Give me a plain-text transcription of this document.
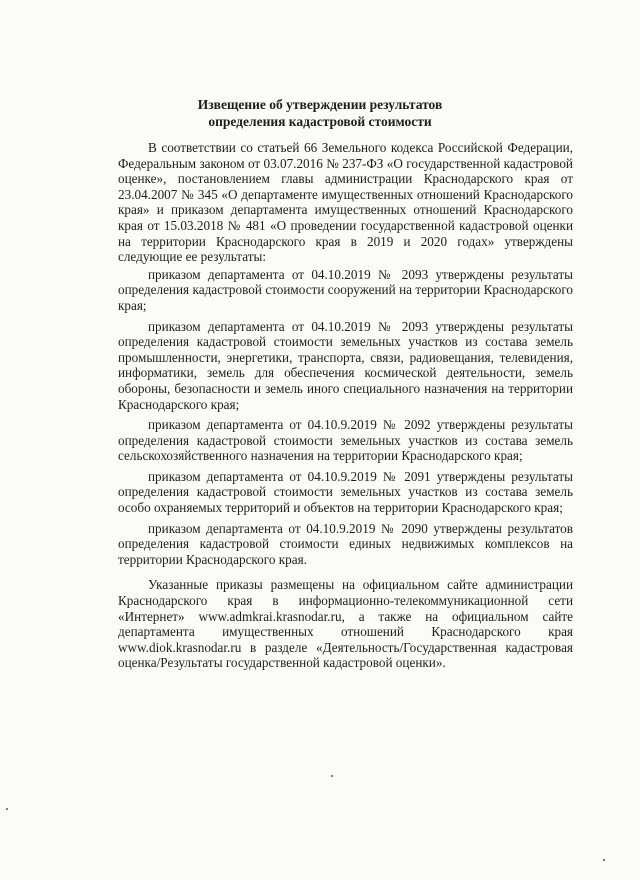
Извещение об утверждении результатов
определения кадастровой стоимости

В соответствии со статьей 66 Земельного кодекса Российской Федерации, Федеральным законом от 03.07.2016 № 237-ФЗ «О государственной кадастровой оценке», постановлением главы администрации Краснодарского края от 23.04.2007 № 345 «О департаменте имущественных отношений Краснодарского края» и приказом департамента имущественных отношений Краснодарского края от 15.03.2018 № 481 «О проведении государственной кадастровой оценки на территории Краснодарского края в 2019 и 2020 годах» утверждены следующие ее результаты:

приказом департамента от 04.10.2019 № 2093 утверждены результаты определения кадастровой стоимости сооружений на территории Краснодарского края;

приказом департамента от 04.10.2019 № 2093 утверждены результаты определения кадастровой стоимости земельных участков из состава земель промышленности, энергетики, транспорта, связи, радиовещания, телевидения, информатики, земель для обеспечения космической деятельности, земель обороны, безопасности и земель иного специального назначения на территории Краснодарского края;

приказом департамента от 04.10.9.2019 № 2092 утверждены результаты определения кадастровой стоимости земельных участков из состава земель сельскохозяйственного назначения на территории Краснодарского края;

приказом департамента от 04.10.9.2019 № 2091 утверждены результаты определения кадастровой стоимости земельных участков из состава земель особо охраняемых территорий и объектов на территории Краснодарского края;

приказом департамента от 04.10.9.2019 № 2090 утверждены результатов определения кадастровой стоимости единых недвижимых комплексов на территории Краснодарского края.

Указанные приказы размещены на официальном сайте администрации Краснодарского края в информационно-телекоммуникационной сети «Интернет» www.admkrai.krasnodar.ru, а также на официальном сайте департамента имущественных отношений Краснодарского края www.diok.krasnodar.ru в разделе «Деятельность/Государственная кадастровая оценка/Результаты государственной кадастровой оценки».
